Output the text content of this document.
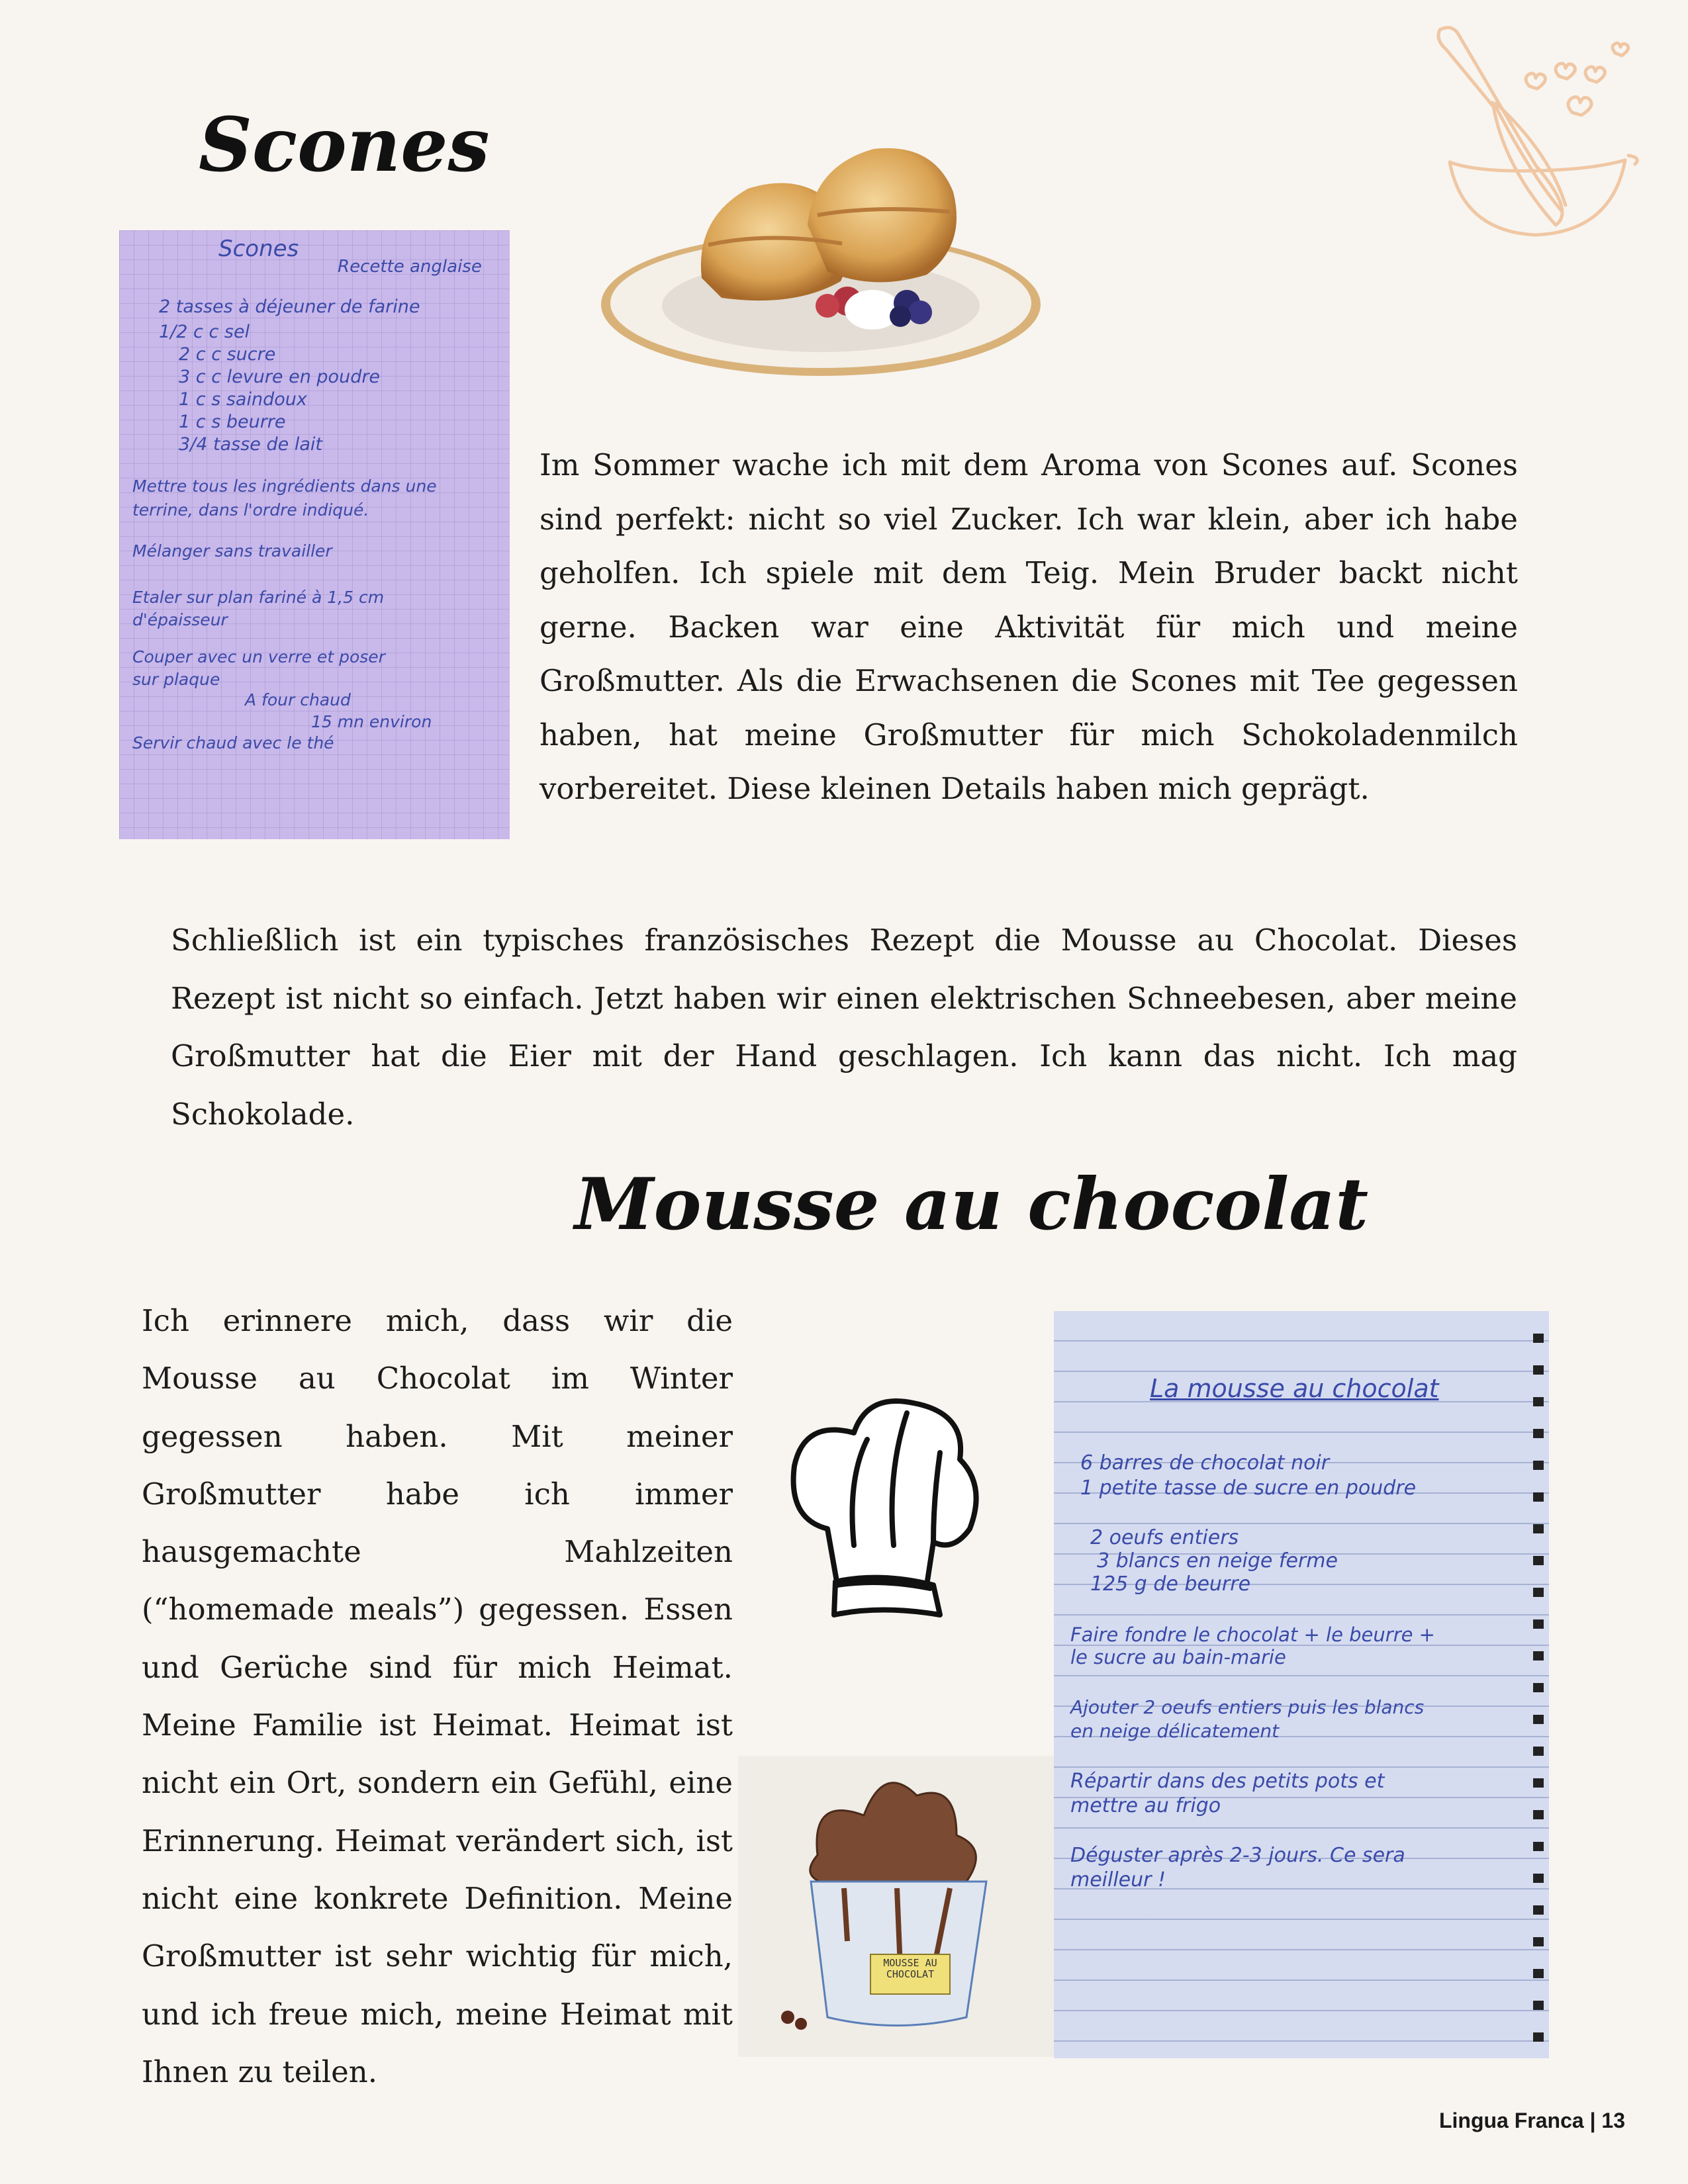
Scones
Scones
Recette anglaise
2 tasses à déjeuner de farine
1/2 c c sel
2 c c sucre
3 c c levure en poudre
1 c s saindoux
1 c s beurre
3/4 tasse de lait
Mettre tous les ingrédients dans une
terrine, dans l'ordre indiqué.
Mélanger sans travailler
Etaler sur plan fariné à 1,5 cm
d'épaisseur
Couper avec un verre et poser
sur plaque
A four chaud
15 mn environ
Servir chaud avec le thé

Im Sommer wache ich mit dem Aroma von Scones auf. Scones sind perfekt: nicht so viel Zucker. Ich war klein, aber ich habe geholfen. Ich spiele mit dem Teig. Mein Bruder backt nicht gerne. Backen war eine Aktivität für mich und meine Großmutter. Als die Erwachsenen die Scones mit Tee gegessen haben, hat meine Großmutter für mich Schokoladenmilch vorbereitet. Diese kleinen Details haben mich geprägt.

Schließlich ist ein typisches französisches Rezept die Mousse au Chocolat. Dieses Rezept ist nicht so einfach. Jetzt haben wir einen elektrischen Schneebesen, aber meine Großmutter hat die Eier mit der Hand geschlagen. Ich kann das nicht. Ich mag Schokolade.

Mousse au chocolat

Ich erinnere mich, dass wir die Mousse au Chocolat im Winter gegessen haben. Mit meiner Großmutter habe ich immer hausgemachte Mahlzeiten (“homemade meals”) gegessen. Essen und Gerüche sind für mich Heimat. Meine Familie ist Heimat. Heimat ist nicht ein Ort, sondern ein Gefühl, eine Erinnerung. Heimat verändert sich, ist nicht eine konkrete Definition. Meine Großmutter ist sehr wichtig für mich, und ich freue mich, meine Heimat mit Ihnen zu teilen.

MOUSSE AU CHOCOLAT
La mousse au chocolat
6 barres de chocolat noir
1 petite tasse de sucre en poudre
2 oeufs entiers
3 blancs en neige ferme
125 g de beurre
Faire fondre le chocolat + le beurre +
le sucre au bain-marie
Ajouter 2 oeufs entiers puis les blancs
en neige délicatement
Répartir dans des petits pots et
mettre au frigo
Déguster après 2-3 jours. Ce sera
meilleur !
Lingua Franca | 13
